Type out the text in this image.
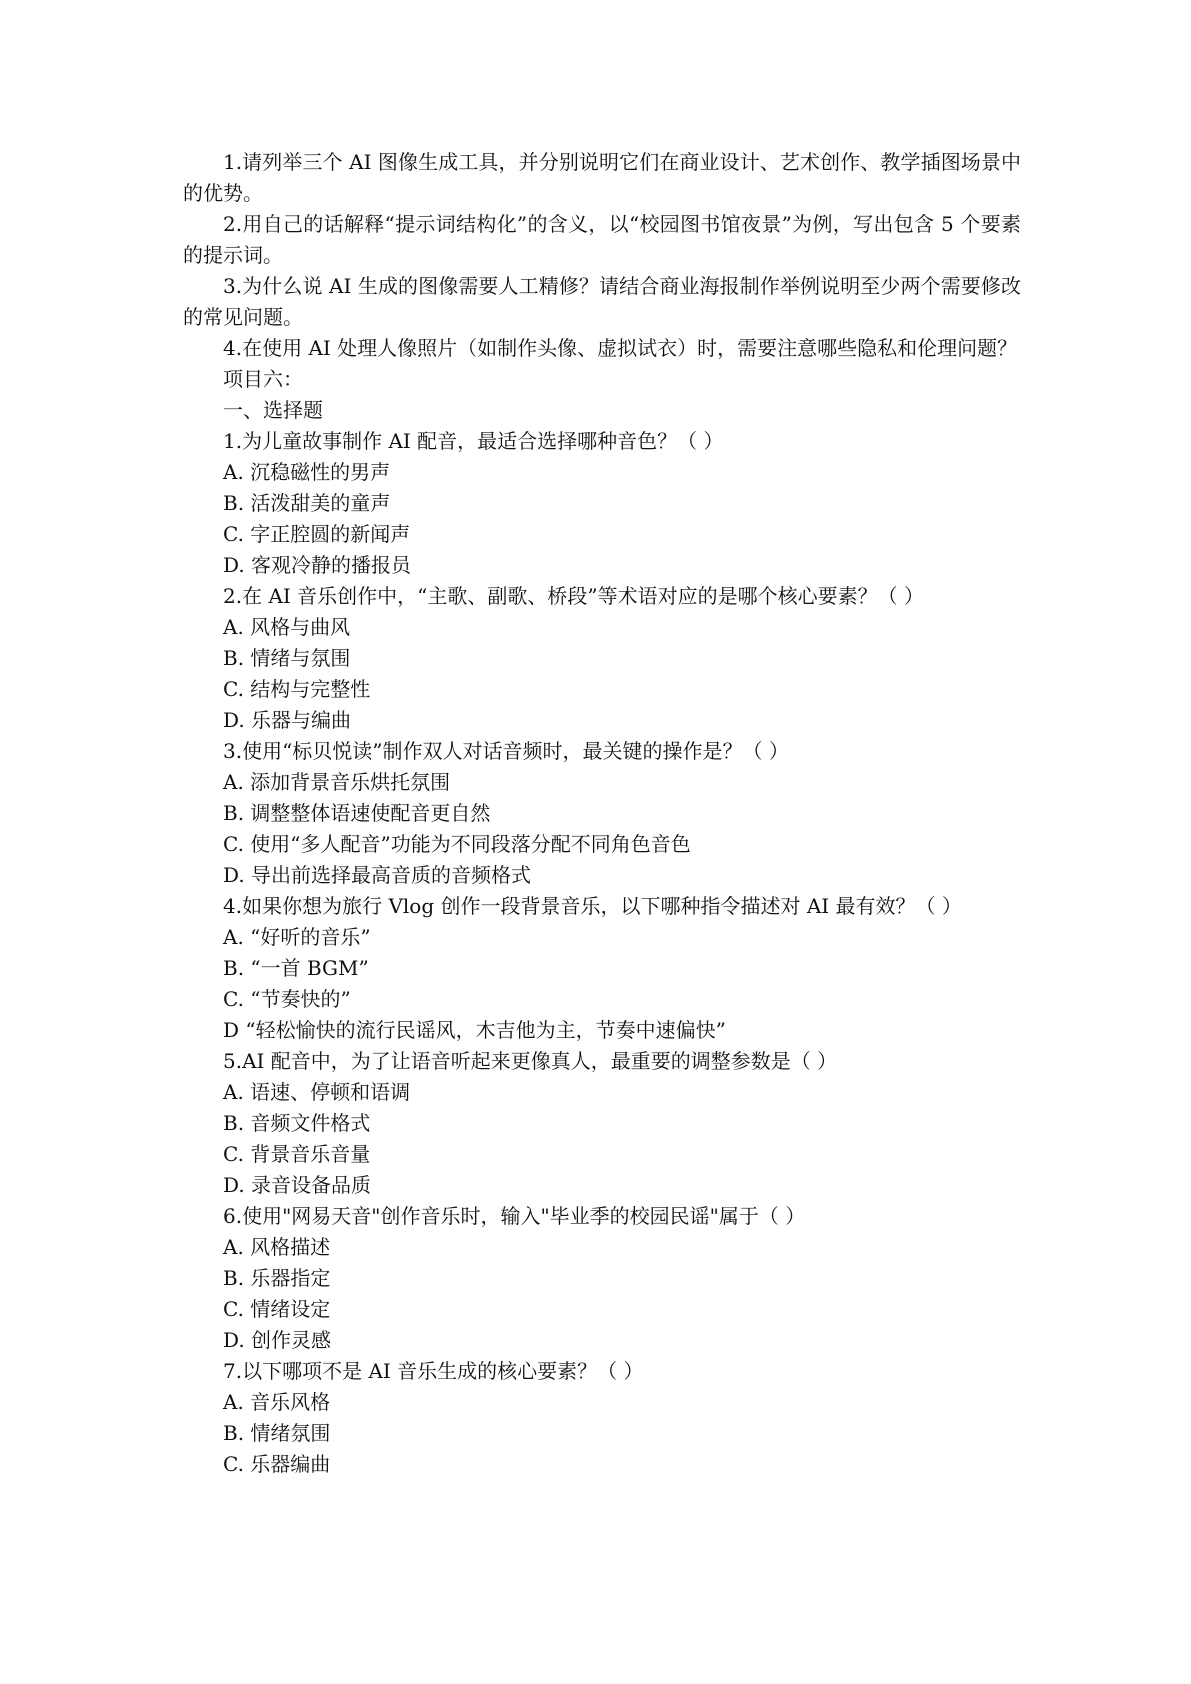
1.请列举三个 AI 图像生成工具，并分别说明它们在商业设计、艺术创作、教学插图场景中的优势。

2.用自己的话解释“提示词结构化”的含义，以“校园图书馆夜景”为例，写出包含 5 个要素的提示词。

3.为什么说 AI 生成的图像需要人工精修？请结合商业海报制作举例说明至少两个需要修改的常见问题。

4.在使用 AI 处理人像照片（如制作头像、虚拟试衣）时，需要注意哪些隐私和伦理问题？

项目六：

一、选择题

1.为儿童故事制作 AI 配音，最适合选择哪种音色？（ ）

A. 沉稳磁性的男声

B. 活泼甜美的童声

C. 字正腔圆的新闻声

D. 客观冷静的播报员

2.在 AI 音乐创作中，“主歌、副歌、桥段”等术语对应的是哪个核心要素？（ ）

A. 风格与曲风

B. 情绪与氛围

C. 结构与完整性

D. 乐器与编曲

3.使用“标贝悦读”制作双人对话音频时，最关键的操作是？（ ）

A. 添加背景音乐烘托氛围

B. 调整整体语速使配音更自然

C. 使用“多人配音”功能为不同段落分配不同角色音色

D. 导出前选择最高音质的音频格式

4.如果你想为旅行 Vlog 创作一段背景音乐，以下哪种指令描述对 AI 最有效？（ ）

A. “好听的音乐”

B. “一首 BGM”

C. “节奏快的”

D “轻松愉快的流行民谣风，木吉他为主，节奏中速偏快”

5.AI 配音中，为了让语音听起来更像真人，最重要的调整参数是（ ）

A. 语速、停顿和语调

B. 音频文件格式

C. 背景音乐音量

D. 录音设备品质

6.使用"网易天音"创作音乐时，输入"毕业季的校园民谣"属于（ ）

A. 风格描述

B. 乐器指定

C. 情绪设定

D. 创作灵感

7.以下哪项不是 AI 音乐生成的核心要素？（ ）

A. 音乐风格

B. 情绪氛围

C. 乐器编曲
